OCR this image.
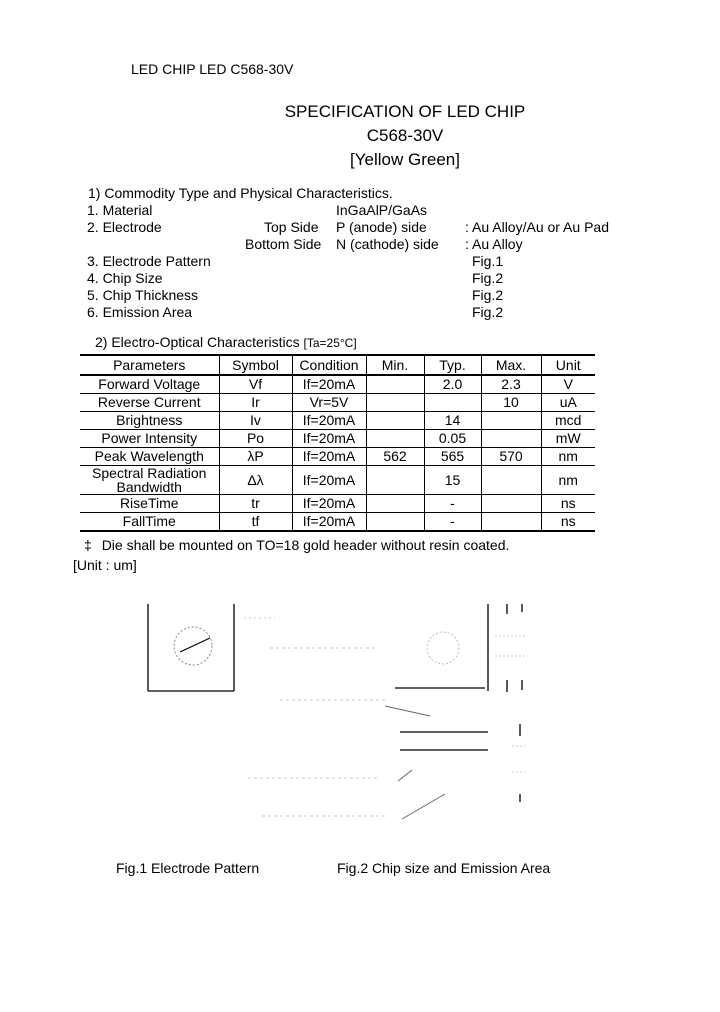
LED CHIP LED C568-30V
SPECIFICATION OF LED CHIP
C568-30V
[Yellow Green]
1) Commodity Type and Physical Characteristics.
1. Material	InGaAlP/GaAs
2. Electrode	Top Side P (anode) side	: Au Alloy/Au or Au Pad
Bottom Side N (cathode) side : Au Alloy
3. Electrode Pattern	Fig.1
4. Chip Size	Fig.2
5. Chip Thickness	Fig.2
6. Emission Area	Fig.2
2) Electro-Optical Characteristics [Ta=25°C]
Parameters	Symbol	Condition	Min.	Typ.	Max.	Unit
Forward Voltage	Vf	If=20mA		2.0	2.3	V
Reverse Current	Ir	Vr=5V			10	uA
Brightness	Iv	If=20mA		14		mcd
Power Intensity	Po	If=20mA		0.05		mW
Peak Wavelength	λP	If=20mA	562	565	570	nm

Spectral Radiation
Bandwidth	Δλ	If=20mA		15		nm
RiseTime	tr	If=20mA		-		ns
FallTime	tf	If=20mA		-		ns
‡ Die shall be mounted on TO=18 gold header without resin coated.
[Unit : um]
Fig.1 Electrode Pattern	Fig.2 Chip size and Emission Area
